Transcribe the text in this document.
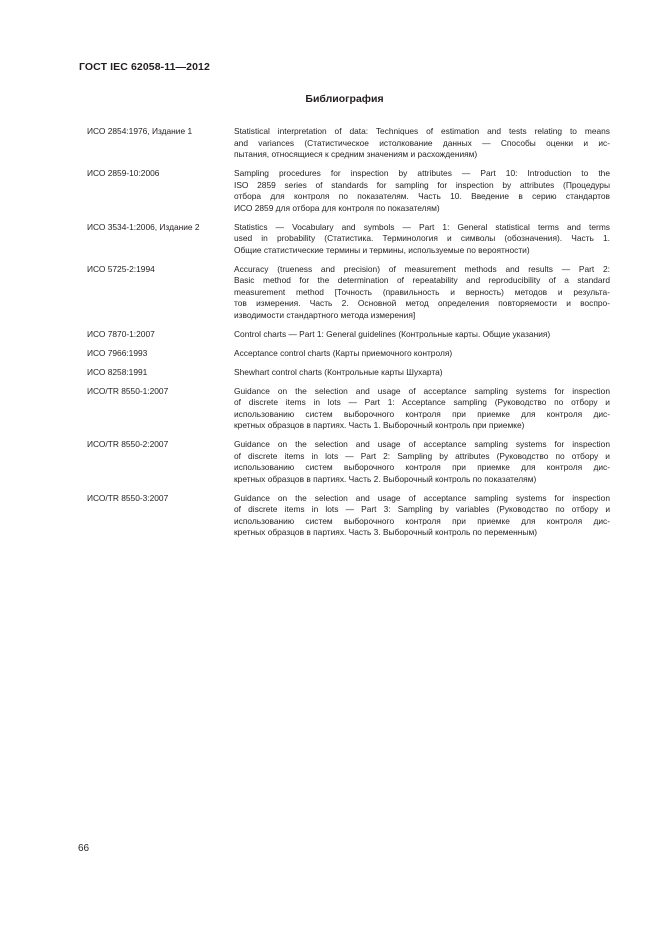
ГОСТ IEC 62058-11—2012
Библиография
ИСО 2854:1976, Издание 1	Statistical interpretation of data: Techniques of estimation and tests relating to means
and variances (Статистическое истолкование данных — Способы оценки и ис-
пытания, относящиеся к средним значениям и расхождениям)
ИСО 2859-10:2006	Sampling procedures for inspection by attributes — Part 10: Introduction to the
ISO 2859 series of standards for sampling for inspection by attributes (Процедуры
отбора для контроля по показателям. Часть 10. Введение в серию стандартов
ИСО 2859 для отбора для контроля по показателям)
ИСО 3534-1:2006, Издание 2	Statistics — Vocabulary and symbols — Part 1: General statistical terms and terms
used in probability (Статистика. Терминология и символы (обозначения). Часть 1.
Общие статистические термины и термины, используемые по вероятности)
ИСО 5725-2:1994	Accuracy (trueness and precision) of measurement methods and results — Part 2:
Basic method for the determination of repeatability and reproducibility of a standard
measurement method [Точность (правильность и верность) методов и результа-
тов измерения. Часть 2. Основной метод определения повторяемости и воспро-
изводимости стандартного метода измерения]
ИСО 7870-1:2007	Control charts — Part 1: General guidelines (Контрольные карты. Общие указания)
ИСО 7966:1993	Acceptance control charts (Карты приемочного контроля)
ИСО 8258:1991	Shewhart control charts (Контрольные карты Шухарта)
ИСО/TR 8550-1:2007	Guidance on the selection and usage of acceptance sampling systems for inspection
of discrete items in lots — Part 1: Acceptance sampling (Руководство по отбору и
использованию систем выборочного контроля при приемке для контроля дис-
кретных образцов в партиях. Часть 1. Выборочный контроль при приемке)
ИСО/TR 8550-2:2007	Guidance on the selection and usage of acceptance sampling systems for inspection
of discrete items in lots — Part 2: Sampling by attributes (Руководство по отбору и
использованию систем выборочного контроля при приемке для контроля дис-
кретных образцов в партиях. Часть 2. Выборочный контроль по показателям)
ИСО/TR 8550-3:2007	Guidance on the selection and usage of acceptance sampling systems for inspection
of discrete items in lots — Part 3: Sampling by variables (Руководство по отбору и
использованию систем выборочного контроля при приемке для контроля дис-
кретных образцов в партиях. Часть 3. Выборочный контроль по переменным)
66
